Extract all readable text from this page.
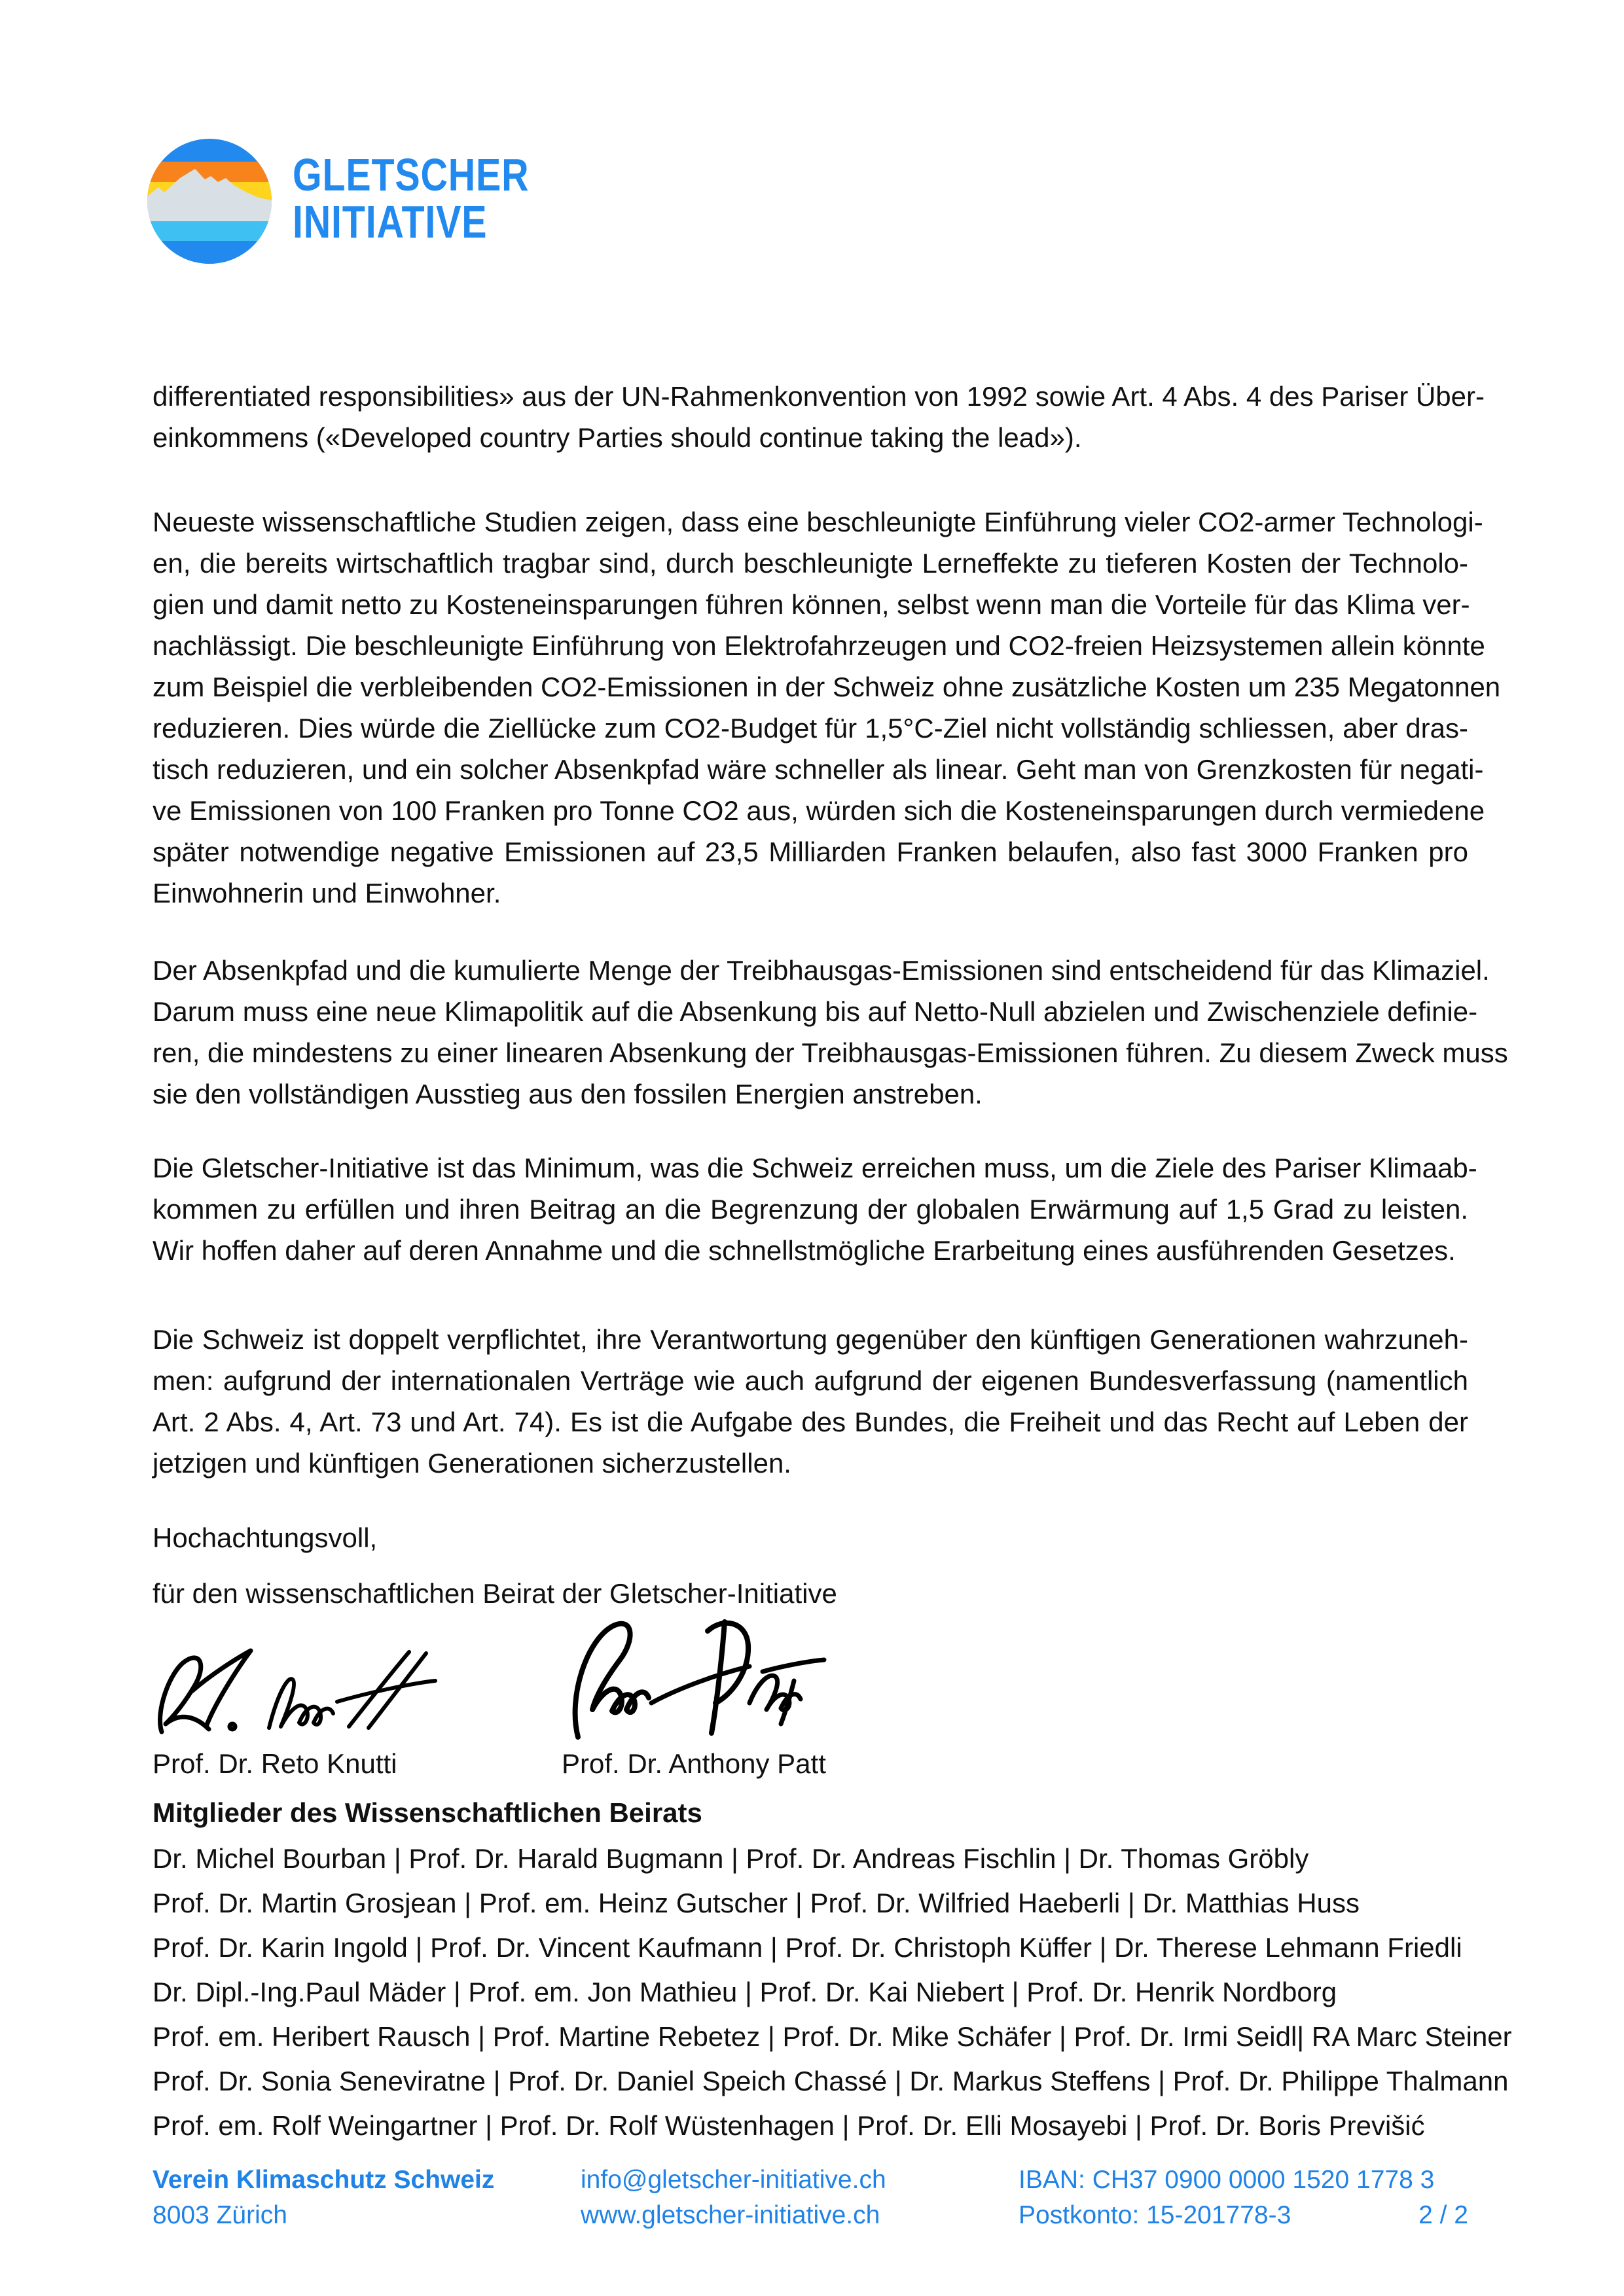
GLETSCHER
INITIATIVE
differentiated responsibilities» aus der UN-Rahmenkonvention von 1992 sowie Art. 4 Abs. 4 des Pariser Über-
einkommens («Developed country Parties should continue taking the lead»).
Neueste wissenschaftliche Studien zeigen, dass eine beschleunigte Einführung vieler CO2-armer Technologi-
en, die bereits wirtschaftlich tragbar sind, durch beschleunigte Lerneffekte zu tieferen Kosten der Technolo-
gien und damit netto zu Kosteneinsparungen führen können, selbst wenn man die Vorteile für das Klima ver-
nachlässigt. Die beschleunigte Einführung von Elektrofahrzeugen und CO2-freien Heizsystemen allein könnte
zum Beispiel die verbleibenden CO2-Emissionen in der Schweiz ohne zusätzliche Kosten um 235 Megatonnen
reduzieren. Dies würde die Ziellücke zum CO2-Budget für 1,5°C-Ziel nicht vollständig schliessen, aber dras-
tisch reduzieren, und ein solcher Absenkpfad wäre schneller als linear. Geht man von Grenzkosten für negati-
ve Emissionen von 100 Franken pro Tonne CO2 aus, würden sich die Kosteneinsparungen durch vermiedene
später notwendige negative Emissionen auf 23,5 Milliarden Franken belaufen, also fast 3000 Franken pro
Einwohnerin und Einwohner.
Der Absenkpfad und die kumulierte Menge der Treibhausgas-Emissionen sind entscheidend für das Klimaziel.
Darum muss eine neue Klimapolitik auf die Absenkung bis auf Netto-Null abzielen und Zwischenziele definie-
ren, die mindestens zu einer linearen Absenkung der Treibhausgas-Emissionen führen. Zu diesem Zweck muss
sie den vollständigen Ausstieg aus den fossilen Energien anstreben.
Die Gletscher-Initiative ist das Minimum, was die Schweiz erreichen muss, um die Ziele des Pariser Klimaab-
kommen zu erfüllen und ihren Beitrag an die Begrenzung der globalen Erwärmung auf 1,5 Grad zu leisten.
Wir hoffen daher auf deren Annahme und die schnellstmögliche Erarbeitung eines ausführenden Gesetzes.
Die Schweiz ist doppelt verpflichtet, ihre Verantwortung gegenüber den künftigen Generationen wahrzuneh-
men: aufgrund der internationalen Verträge wie auch aufgrund der eigenen Bundesverfassung (namentlich
Art. 2 Abs. 4, Art. 73 und Art. 74). Es ist die Aufgabe des Bundes, die Freiheit und das Recht auf Leben der
jetzigen und künftigen Generationen sicherzustellen.
Hochachtungsvoll,
für den wissenschaftlichen Beirat der Gletscher-Initiative
Prof. Dr. Reto Knutti	Prof. Dr. Anthony Patt
Mitglieder des Wissenschaftlichen Beirats
Dr. Michel Bourban | Prof. Dr. Harald Bugmann | Prof. Dr. Andreas Fischlin | Dr. Thomas Gröbly
Prof. Dr. Martin Grosjean | Prof. em. Heinz Gutscher | Prof. Dr. Wilfried Haeberli | Dr. Matthias Huss
Prof. Dr. Karin Ingold | Prof. Dr. Vincent Kaufmann | Prof. Dr. Christoph Küffer | Dr. Therese Lehmann Friedli
Dr. Dipl.-Ing.Paul Mäder | Prof. em. Jon Mathieu | Prof. Dr. Kai Niebert | Prof. Dr. Henrik Nordborg
Prof. em. Heribert Rausch | Prof. Martine Rebetez | Prof. Dr. Mike Schäfer | Prof. Dr. Irmi Seidl| RA Marc Steiner
Prof. Dr. Sonia Seneviratne | Prof. Dr. Daniel Speich Chassé | Dr. Markus Steffens | Prof. Dr. Philippe Thalmann
Prof. em. Rolf Weingartner | Prof. Dr. Rolf Wüstenhagen | Prof. Dr. Elli Mosayebi | Prof. Dr. Boris Previšić
Verein Klimaschutz Schweiz
8003 Zürich
info@gletscher-initiative.ch
www.gletscher-initiative.ch
IBAN: CH37 0900 0000 1520 1778 3
Postkonto: 15-201778-3	2 / 2
